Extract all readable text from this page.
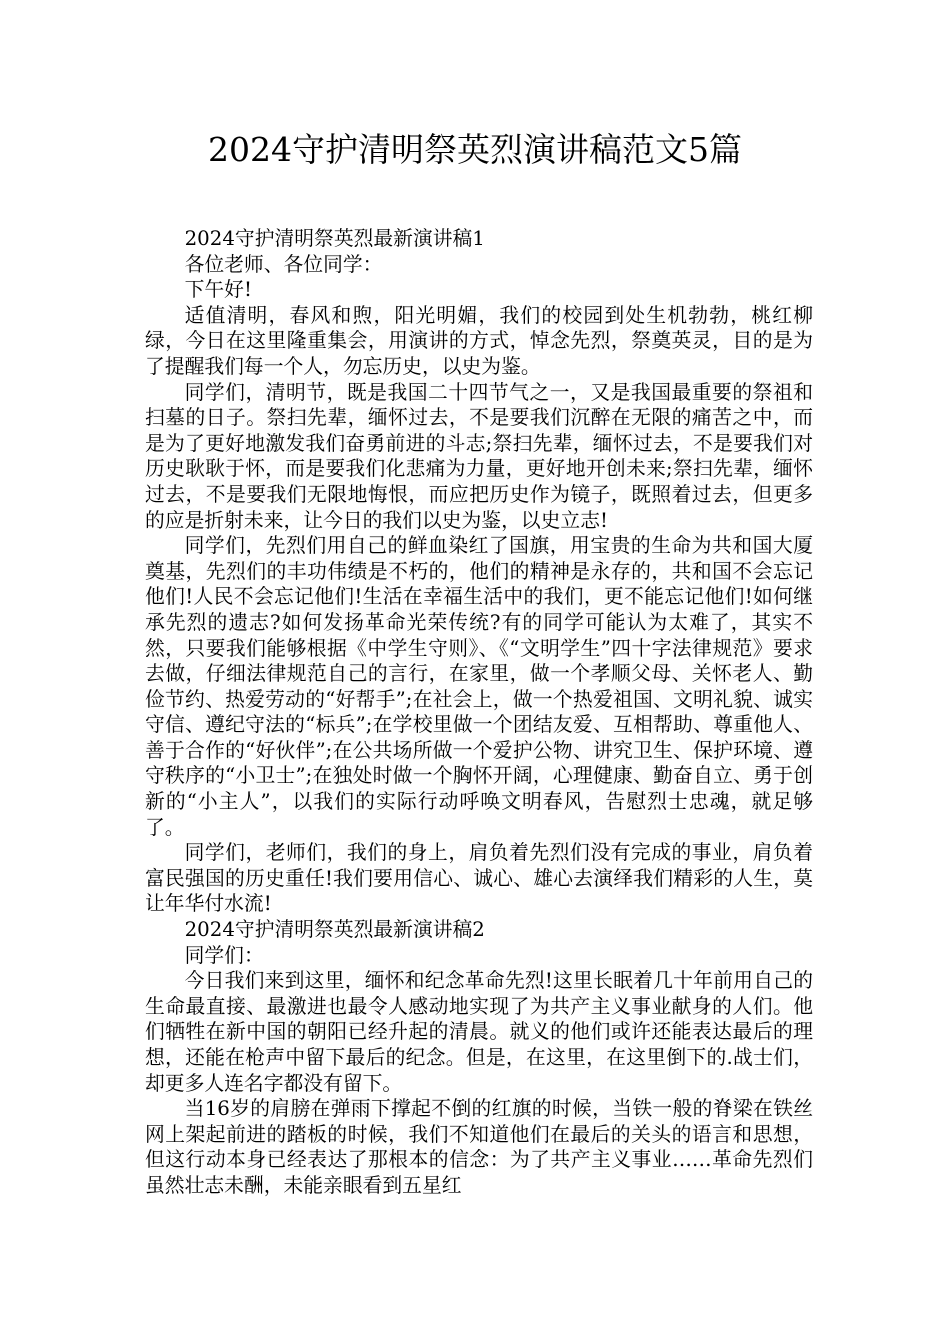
2024守护清明祭英烈演讲稿范文5篇

2024守护清明祭英烈最新演讲稿1

各位老师、各位同学：

下午好!

适值清明，春风和煦，阳光明媚，我们的校园到处生机勃勃，桃红柳绿，今日在这里隆重集会，用演讲的方式，悼念先烈，祭奠英灵，目的是为了提醒我们每一个人，勿忘历史，以史为鉴。

同学们，清明节，既是我国二十四节气之一，又是我国最重要的祭祖和扫墓的日子。祭扫先辈，缅怀过去，不是要我们沉醉在无限的痛苦之中，而是为了更好地激发我们奋勇前进的斗志;祭扫先辈，缅怀过去，不是要我们对历史耿耿于怀，而是要我们化悲痛为力量，更好地开创未来;祭扫先辈，缅怀过去，不是要我们无限地悔恨，而应把历史作为镜子，既照着过去，但更多的应是折射未来，让今日的我们以史为鉴，以史立志!

同学们，先烈们用自己的鲜血染红了国旗，用宝贵的生命为共和国大厦奠基，先烈们的丰功伟绩是不朽的，他们的精神是永存的，共和国不会忘记他们!人民不会忘记他们!生活在幸福生活中的我们，更不能忘记他们!如何继承先烈的遗志?如何发扬革命光荣传统?有的同学可能认为太难了，其实不然，只要我们能够根据《中学生守则》、《“文明学生”四十字法律规范》要求去做，仔细法律规范自己的言行，在家里，做一个孝顺父母、关怀老人、勤俭节约、热爱劳动的“好帮手”;在社会上，做一个热爱祖国、文明礼貌、诚实守信、遵纪守法的“标兵”;在学校里做一个团结友爱、互相帮助、尊重他人、善于合作的“好伙伴”;在公共场所做一个爱护公物、讲究卫生、保护环境、遵守秩序的“小卫士”;在独处时做一个胸怀开阔，心理健康、勤奋自立、勇于创新的“小主人”，以我们的实际行动呼唤文明春风，告慰烈士忠魂，就足够了。

同学们，老师们，我们的身上，肩负着先烈们没有完成的事业，肩负着富民强国的历史重任!我们要用信心、诚心、雄心去演绎我们精彩的人生，莫让年华付水流!

2024守护清明祭英烈最新演讲稿2

同学们：

今日我们来到这里，缅怀和纪念革命先烈!这里长眠着几十年前用自己的生命最直接、最激进也最令人感动地实现了为共产主义事业献身的人们。他们牺牲在新中国的朝阳已经升起的清晨。就义的他们或许还能表达最后的理想，还能在枪声中留下最后的纪念。但是，在这里，在这里倒下的.战士们，却更多人连名字都没有留下。

当16岁的肩膀在弹雨下撑起不倒的红旗的时候，当铁一般的脊梁在铁丝网上架起前进的踏板的时候，我们不知道他们在最后的关头的语言和思想，但这行动本身已经表达了那根本的信念：为了共产主义事业……革命先烈们虽然壮志未酬，未能亲眼看到五星红
